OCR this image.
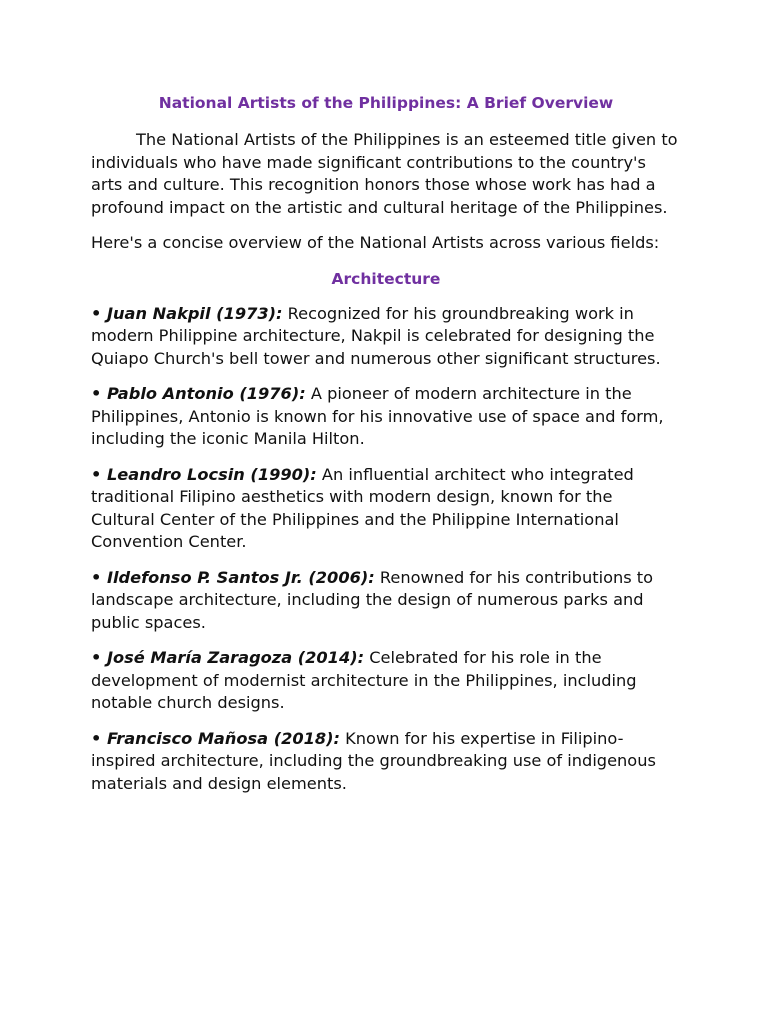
National Artists of the Philippines: A Brief Overview

The National Artists of the Philippines is an esteemed title given to individuals who have made significant contributions to the country's arts and culture. This recognition honors those whose work has had a profound impact on the artistic and cultural heritage of the Philippines.

Here's a concise overview of the National Artists across various fields:

Architecture

• Juan Nakpil (1973): Recognized for his groundbreaking work in modern Philippine architecture, Nakpil is celebrated for designing the Quiapo Church's bell tower and numerous other significant structures.

• Pablo Antonio (1976): A pioneer of modern architecture in the Philippines, Antonio is known for his innovative use of space and form, including the iconic Manila Hilton.

• Leandro Locsin (1990): An influential architect who integrated traditional Filipino aesthetics with modern design, known for the Cultural Center of the Philippines and the Philippine International Convention Center.

• Ildefonso P. Santos Jr. (2006): Renowned for his contributions to landscape architecture, including the design of numerous parks and public spaces.

• José María Zaragoza (2014): Celebrated for his role in the development of modernist architecture in the Philippines, including notable church designs.

• Francisco Mañosa (2018): Known for his expertise in Filipino-inspired architecture, including the groundbreaking use of indigenous materials and design elements.
